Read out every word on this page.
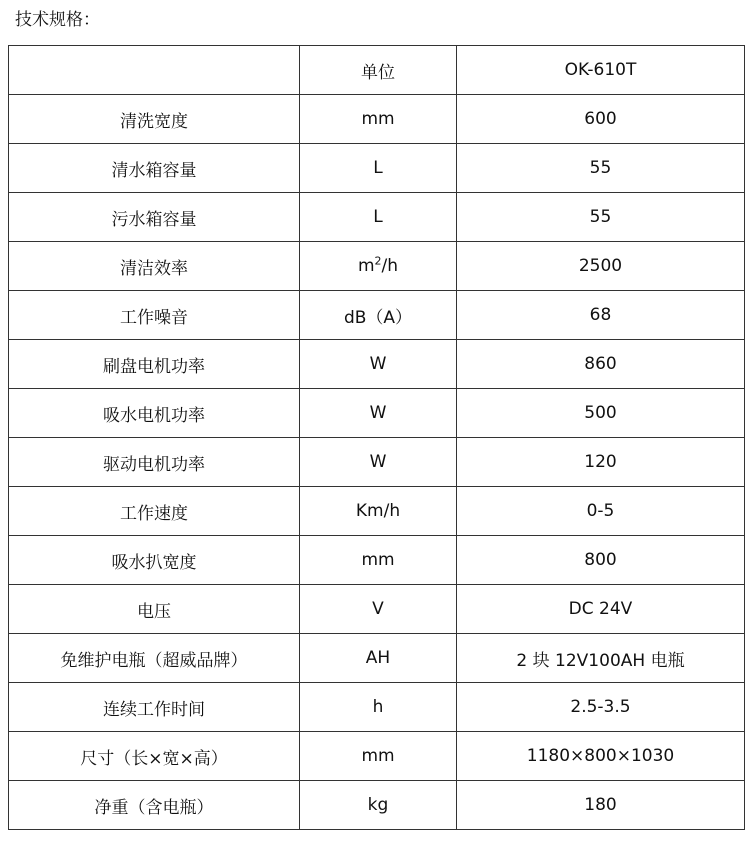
技术规格：
	单位	OK-610T
清洗宽度	mm	600
清水箱容量	L	55
污水箱容量	L	55
清洁效率	$m^2/h$	2500
工作噪音	dB（A）	68
刷盘电机功率	W	860
吸水电机功率	W	500
驱动电机功率	W	120
工作速度	Km/h	0-5
吸水扒宽度	mm	800
电压	V	DC 24V
免维护电瓶（超威品牌）	AH	2 块 12V100AH 电瓶
连续工作时间	h	2.5-3.5
尺寸（长×宽×高）	mm	1180×800×1030
净重（含电瓶）	kg	180
